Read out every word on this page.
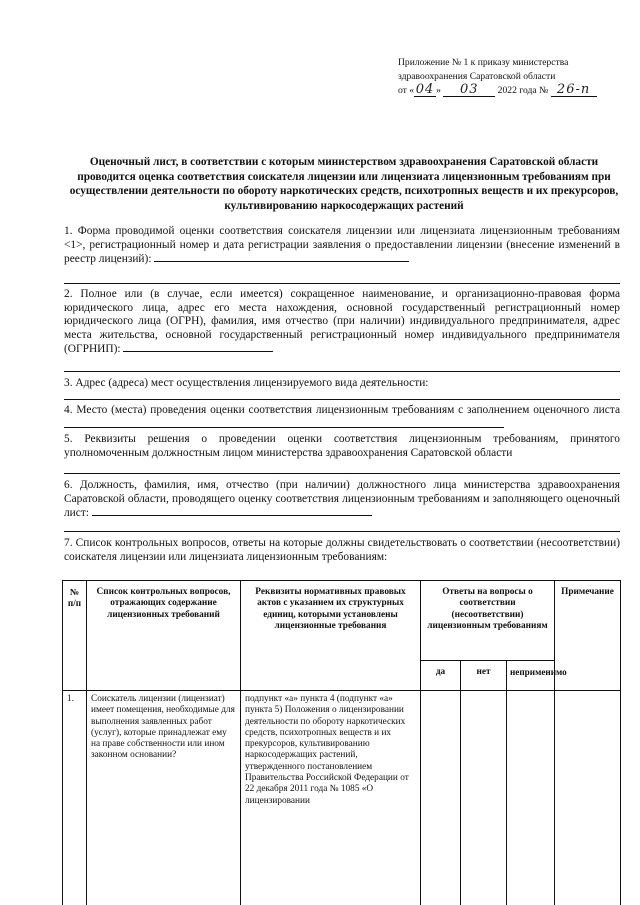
Приложение № 1 к приказу министерства
здравоохранения Саратовской области
от « 04 » 03 2022 года № 26-п
Оценочный лист, в соответствии с которым министерством здравоохранения Саратовской области проводится оценка соответствия соискателя лицензии или лицензиата лицензионным требованиям при осуществлении деятельности по обороту наркотических средств, психотропных веществ и их прекурсоров, культивированию наркосодержащих растений
1. Форма проводимой оценки соответствия соискателя лицензии или лицензиата лицензионным требованиям <1>, регистрационный номер и дата регистрации заявления о предоставлении лицензии (внесение изменений в реестр лицензий):
2. Полное или (в случае, если имеется) сокращенное наименование, и организационно-правовая форма юридического лица, адрес его места нахождения, основной государственный регистрационный номер юридического лица (ОГРН), фамилия, имя отчество (при наличии) индивидуального предпринимателя, адрес места жительства, основной государственный регистрационный номер индивидуального предпринимателя (ОГРНИП):
3. Адрес (адреса) мест осуществления лицензируемого вида деятельности:
4. Место (места) проведения оценки соответствия лицензионным требованиям с заполнением оценочного листа
5. Реквизиты решения о проведении оценки соответствия лицензионным требованиям, принятого уполномоченным должностным лицом министерства здравоохранения Саратовской области
6. Должность, фамилия, имя, отчество (при наличии) должностного лица министерства здравоохранения Саратовской области, проводящего оценку соответствия лицензионным требованиям и заполняющего оценочный лист:
7. Список контрольных вопросов, ответы на которые должны свидетельствовать о соответствии (несоответствии) соискателя лицензии или лицензиата лицензионным требованиям:
№ п/п	Список контрольных вопросов, отражающих содержание лицензионных требований	Реквизиты нормативных правовых актов с указанием их структурных единиц, которыми установлены лицензионные требования	Ответы на вопросы о соответствии (несоответствии) лицензионным требованиям			Примечание
			да	нет	неприменимо	
1.	Соискатель лицензии (лицензиат) имеет помещения, необходимые для выполнения заявленных работ (услуг), которые принадлежат ему на праве собственности или ином законном основании?	подпункт «а» пункта 4 (подпункт «а» пункта 5) Положения о лицензировании деятельности по обороту наркотических средств, психотропных веществ и их прекурсоров, культивированию наркосодержащих растений, утвержденного постановлением Правительства Российской Федерации от 22 декабря 2011 года № 1085 «О лицензировании				
